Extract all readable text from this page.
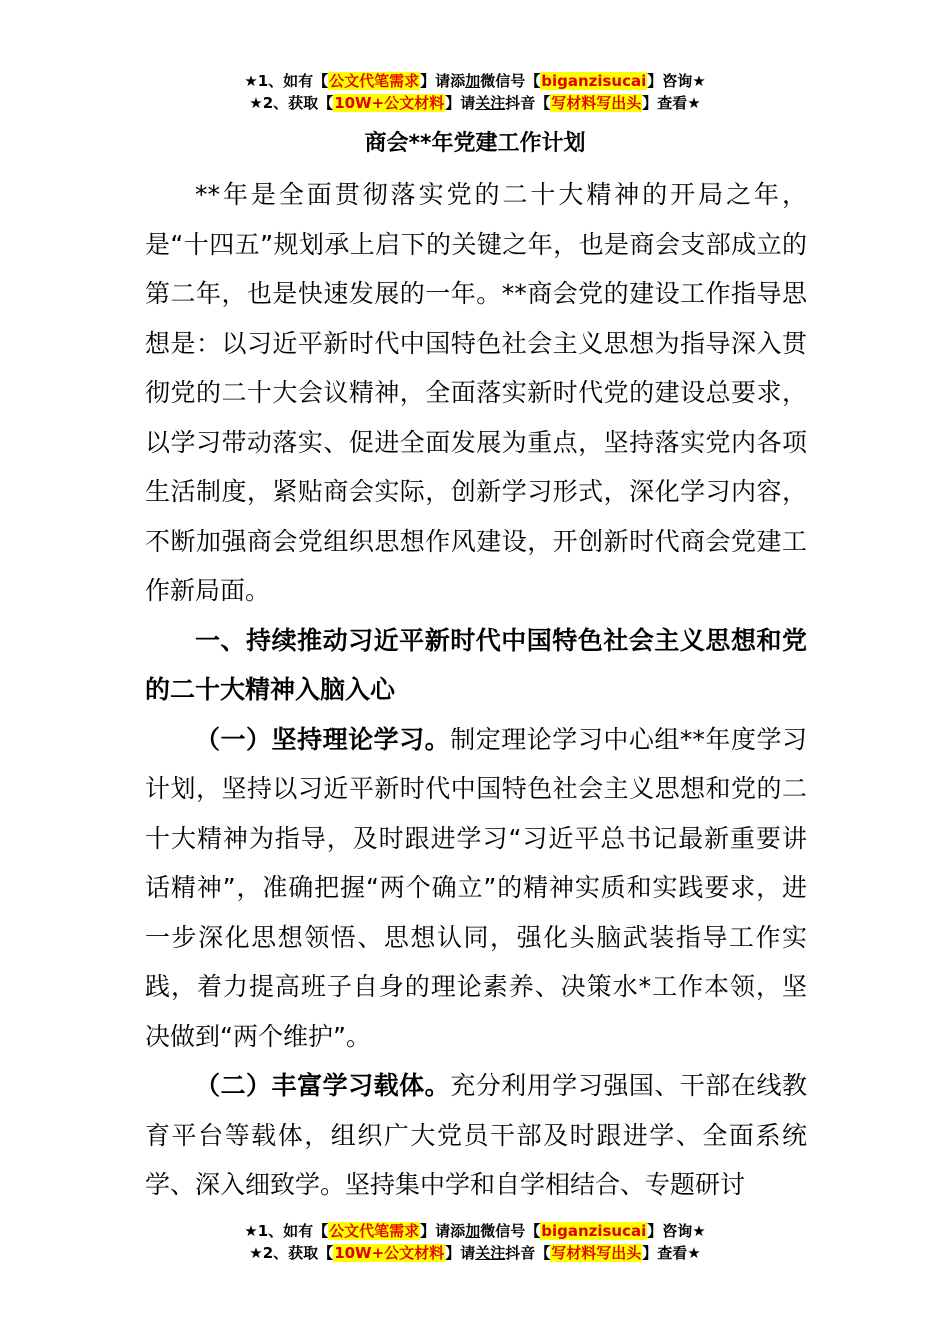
★1、如有【公文代笔需求】请添加微信号【biganzisucai】咨询★
★2、获取【10W+公文材料】请关注抖音【写材料写出头】查看★
商会**年党建工作计划

**年是全面贯彻落实党的二十大精神的开局之年，是“十四五”规划承上启下的关键之年，也是商会支部成立的第二年，也是快速发展的一年。**商会党的建设工作指导思想是：以习近平新时代中国特色社会主义思想为指导深入贯彻党的二十大会议精神，全面落实新时代党的建设总要求，以学习带动落实、促进全面发展为重点，坚持落实党内各项生活制度，紧贴商会实际，创新学习形式，深化学习内容，不断加强商会党组织思想作风建设，开创新时代商会党建工作新局面。

一、持续推动习近平新时代中国特色社会主义思想和党的二十大精神入脑入心

（一）坚持理论学习。制定理论学习中心组**年度学习计划，坚持以习近平新时代中国特色社会主义思想和党的二十大精神为指导，及时跟进学习“习近平总书记最新重要讲话精神”，准确把握“两个确立”的精神实质和实践要求，进一步深化思想领悟、思想认同，强化头脑武装指导工作实践，着力提高班子自身的理论素养、决策水*工作本领，坚决做到“两个维护”。

（二）丰富学习载体。充分利用学习强国、干部在线教育平台等载体，组织广大党员干部及时跟进学、全面系统学、深入细致学。坚持集中学和自学相结合、专题研讨

★1、如有【公文代笔需求】请添加微信号【biganzisucai】咨询★
★2、获取【10W+公文材料】请关注抖音【写材料写出头】查看★
